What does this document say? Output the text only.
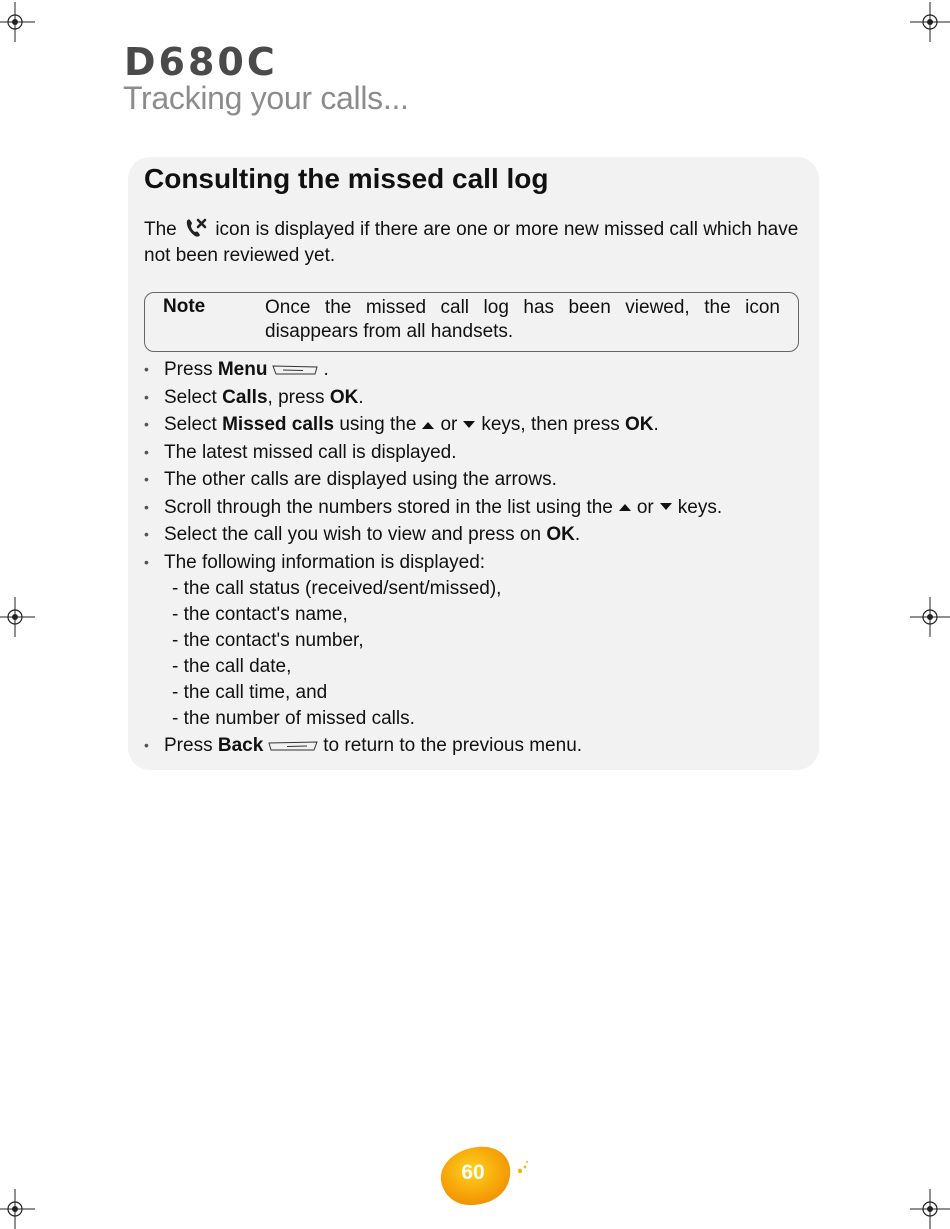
D680C
Tracking your calls...
Consulting the missed call log
The icon is displayed if there are one or more new missed call which have not been reviewed yet.
Note	Once the missed call log has been viewed, the icon disappears from all handsets.
• Press Menu	.
• Select Calls, press OK.
• Select Missed calls using the or keys, then press OK.
• The latest missed call is displayed.
• The other calls are displayed using the arrows.
• Scroll through the numbers stored in the list using the or keys.
• Select the call you wish to view and press on OK.
• The following information is displayed:
- the call status (received/sent/missed),
- the contact's name,
- the contact's number,
- the call date,
- the call time, and
- the number of missed calls.
• Press Back	to return to the previous menu.
60
